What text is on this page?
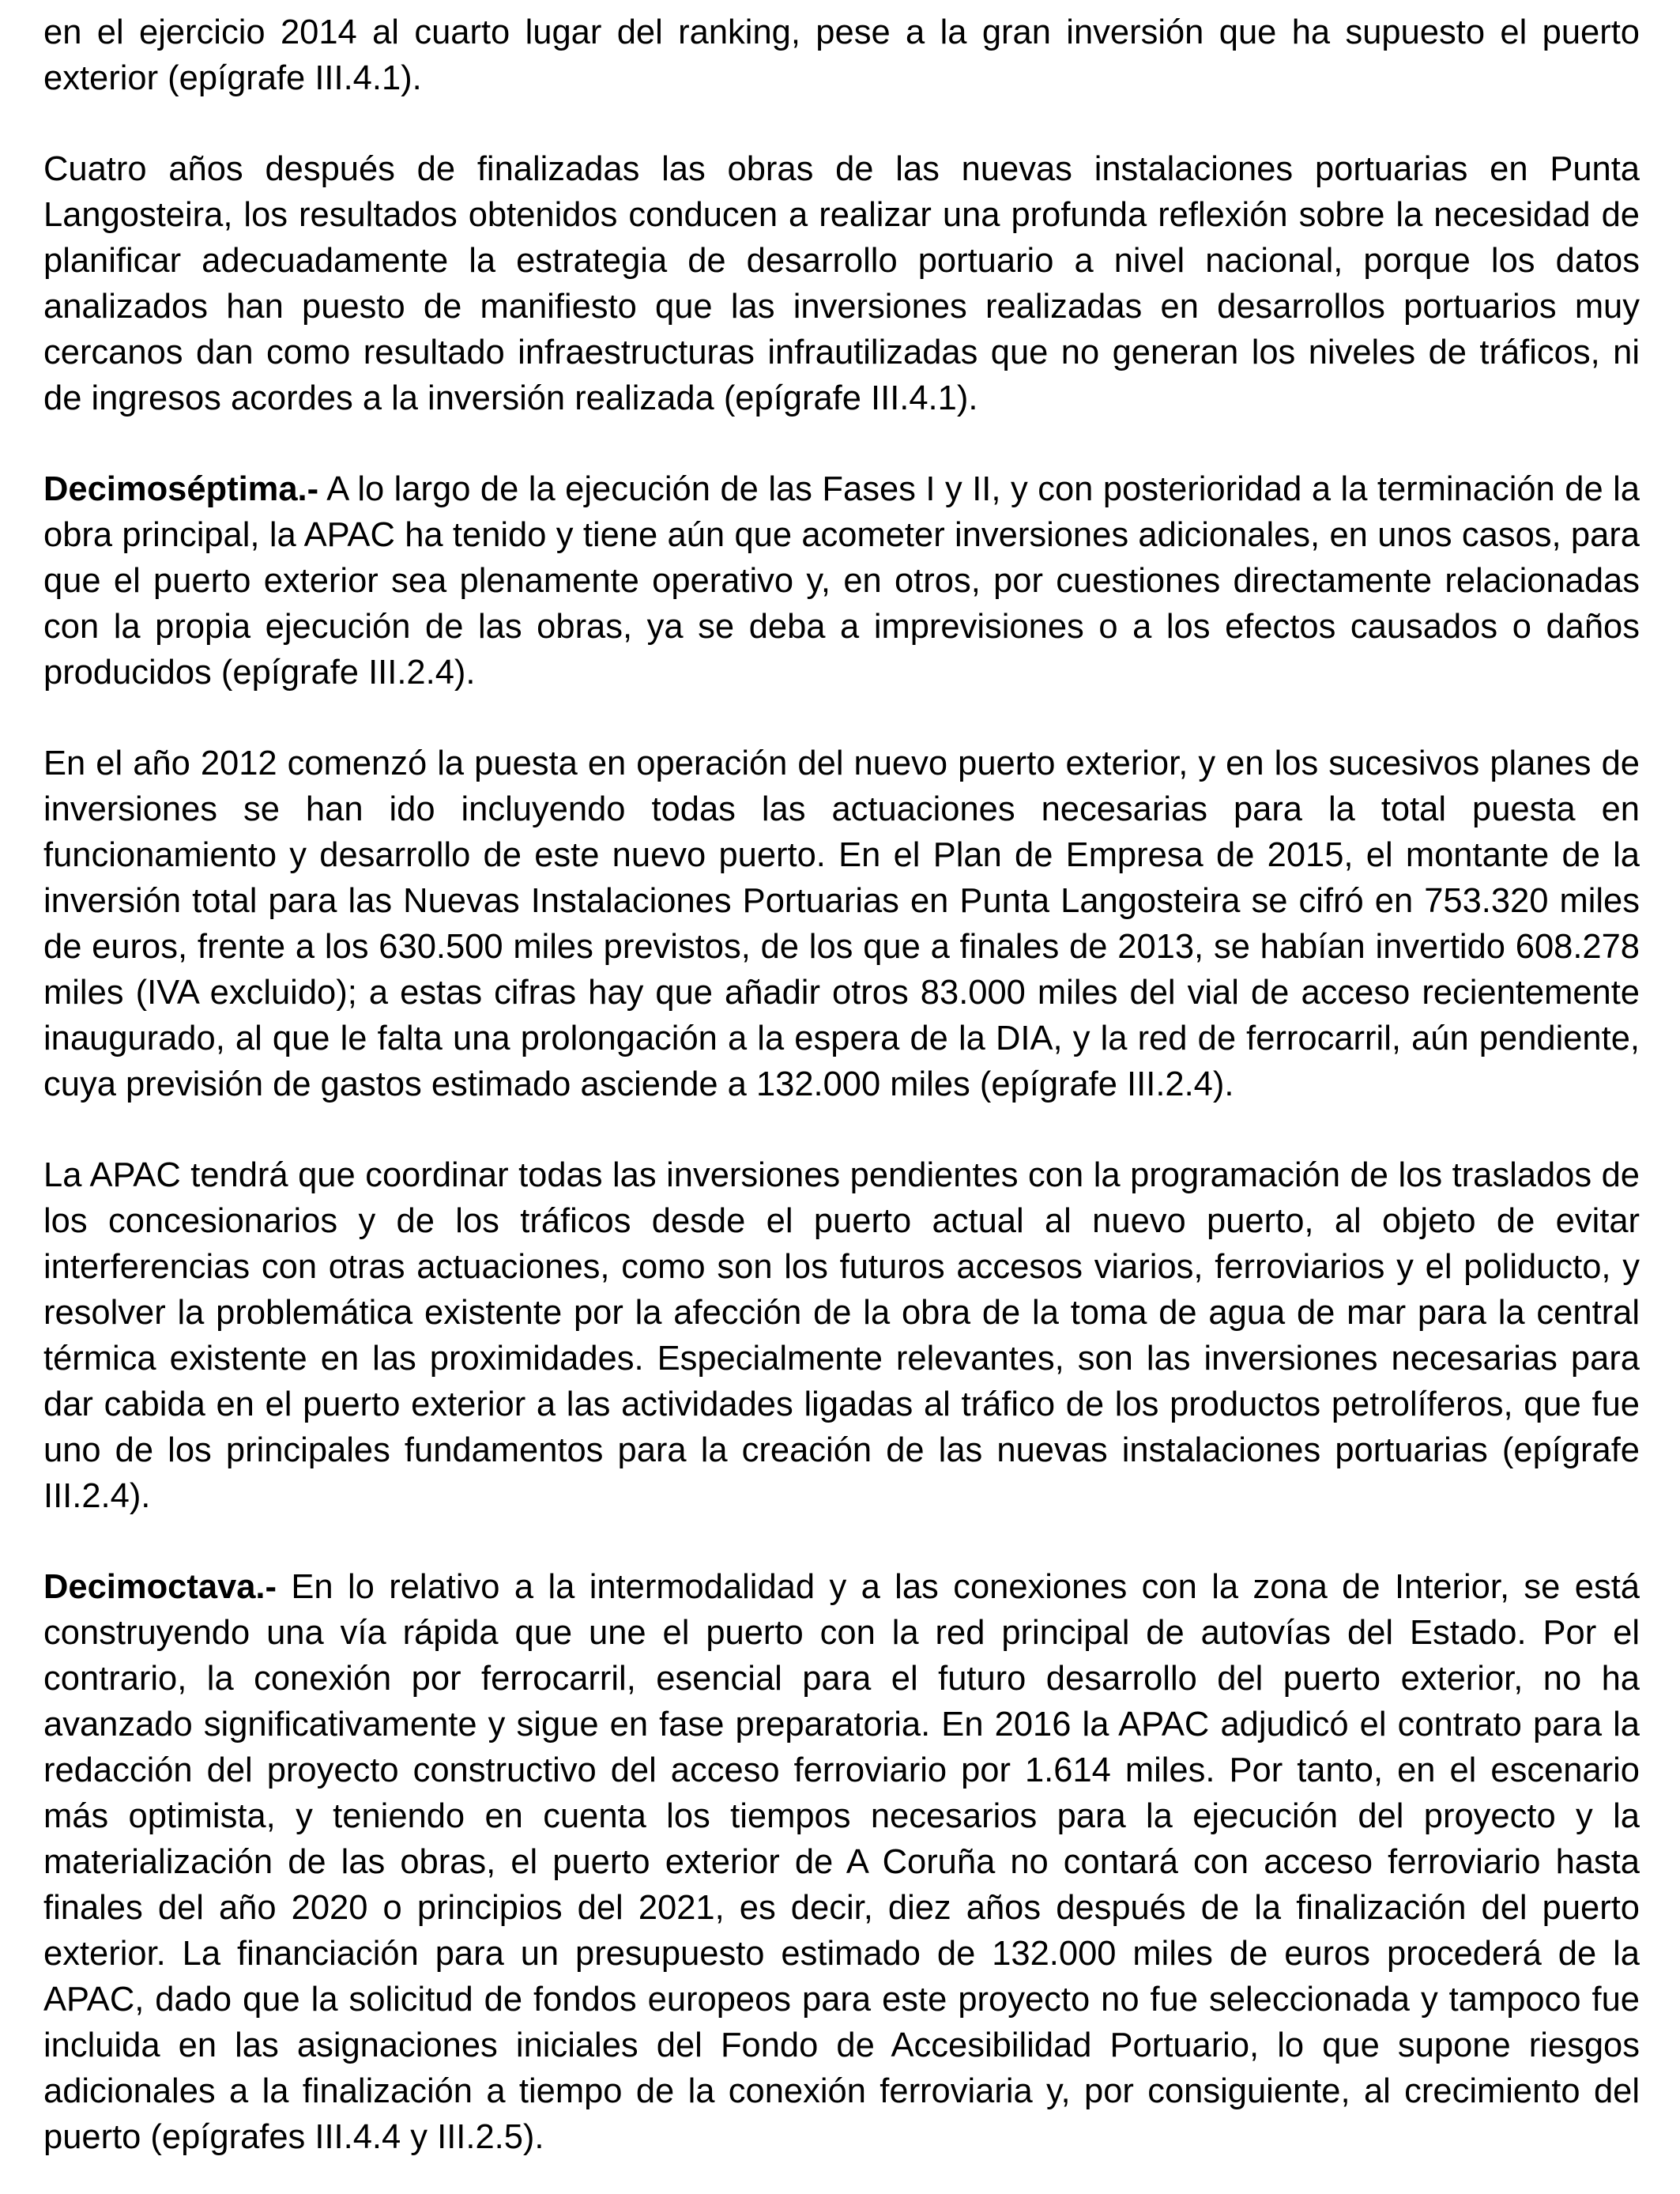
en el ejercicio 2014 al cuarto lugar del ranking, pese a la gran inversión que ha supuesto el puerto exterior (epígrafe III.4.1).

Cuatro años después de finalizadas las obras de las nuevas instalaciones portuarias en Punta Langosteira, los resultados obtenidos conducen a realizar una profunda reflexión sobre la necesidad de planificar adecuadamente la estrategia de desarrollo portuario a nivel nacional, porque los datos analizados han puesto de manifiesto que las inversiones realizadas en desarrollos portuarios muy cercanos dan como resultado infraestructuras infrautilizadas que no generan los niveles de tráficos, ni de ingresos acordes a la inversión realizada (epígrafe III.4.1).

Decimoséptima.- A lo largo de la ejecución de las Fases I y II, y con posterioridad a la terminación de la obra principal, la APAC ha tenido y tiene aún que acometer inversiones adicionales, en unos casos, para que el puerto exterior sea plenamente operativo y, en otros, por cuestiones directamente relacionadas con la propia ejecución de las obras, ya se deba a imprevisiones o a los efectos causados o daños producidos (epígrafe III.2.4).

En el año 2012 comenzó la puesta en operación del nuevo puerto exterior, y en los sucesivos planes de inversiones se han ido incluyendo todas las actuaciones necesarias para la total puesta en funcionamiento y desarrollo de este nuevo puerto. En el Plan de Empresa de 2015, el montante de la inversión total para las Nuevas Instalaciones Portuarias en Punta Langosteira se cifró en 753.320 miles de euros, frente a los 630.500 miles previstos, de los que a finales de 2013, se habían invertido 608.278 miles (IVA excluido); a estas cifras hay que añadir otros 83.000 miles del vial de acceso recientemente inaugurado, al que le falta una prolongación a la espera de la DIA, y la red de ferrocarril, aún pendiente, cuya previsión de gastos estimado asciende a 132.000 miles (epígrafe III.2.4).

La APAC tendrá que coordinar todas las inversiones pendientes con la programación de los traslados de los concesionarios y de los tráficos desde el puerto actual al nuevo puerto, al objeto de evitar interferencias con otras actuaciones, como son los futuros accesos viarios, ferroviarios y el poliducto, y resolver la problemática existente por la afección de la obra de la toma de agua de mar para la central térmica existente en las proximidades. Especialmente relevantes, son las inversiones necesarias para dar cabida en el puerto exterior a las actividades ligadas al tráfico de los productos petrolíferos, que fue uno de los principales fundamentos para la creación de las nuevas instalaciones portuarias (epígrafe III.2.4).

Decimoctava.- En lo relativo a la intermodalidad y a las conexiones con la zona de Interior, se está construyendo una vía rápida que une el puerto con la red principal de autovías del Estado. Por el contrario, la conexión por ferrocarril, esencial para el futuro desarrollo del puerto exterior, no ha avanzado significativamente y sigue en fase preparatoria. En 2016 la APAC adjudicó el contrato para la redacción del proyecto constructivo del acceso ferroviario por 1.614 miles. Por tanto, en el escenario más optimista, y teniendo en cuenta los tiempos necesarios para la ejecución del proyecto y la materialización de las obras, el puerto exterior de A Coruña no contará con acceso ferroviario hasta finales del año 2020 o principios del 2021, es decir, diez años después de la finalización del puerto exterior. La financiación para un presupuesto estimado de 132.000 miles de euros procederá de la APAC, dado que la solicitud de fondos europeos para este proyecto no fue seleccionada y tampoco fue incluida en las asignaciones iniciales del Fondo de Accesibilidad Portuario, lo que supone riesgos adicionales a la finalización a tiempo de la conexión ferroviaria y, por consiguiente, al crecimiento del puerto (epígrafes III.4.4 y III.2.5).
